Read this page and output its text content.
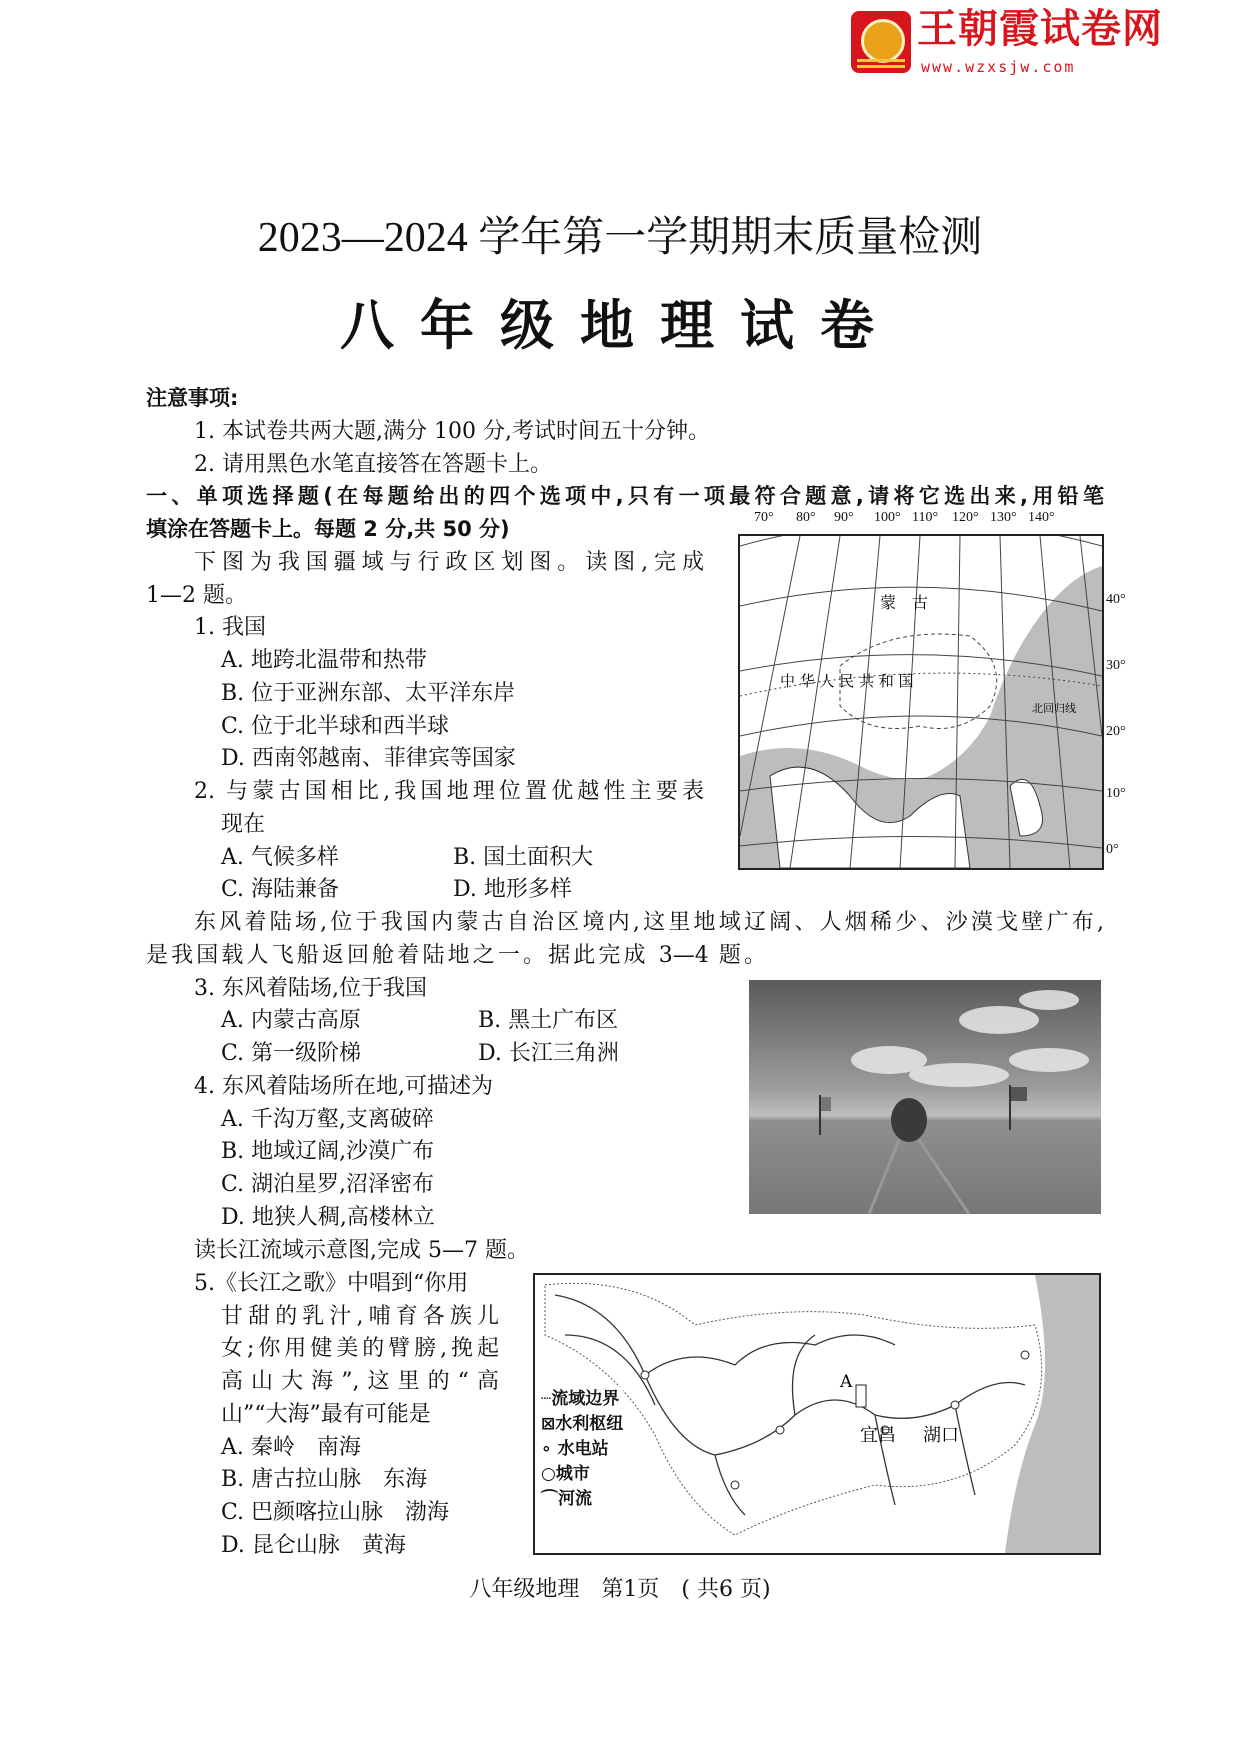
王朝霞试卷网
www.wzxsjw.com
2023—2024 学年第一学期期末质量检测
八年级地理试卷
注意事项:
1. 本试卷共两大题,满分 100 分,考试时间五十分钟。
2. 请用黑色水笔直接答在答题卡上。
一、单项选择题(在每题给出的四个选项中,只有一项最符合题意,请将它选出来,用铅笔
填涂在答题卡上。每题 2 分,共 50 分)
下图为我国疆域与行政区划图。读图,完成
1—2 题。
1. 我国
A. 地跨北温带和热带
B. 位于亚洲东部、太平洋东岸
C. 位于北半球和西半球
D. 西南邻越南、菲律宾等国家
2. 与蒙古国相比,我国地理位置优越性主要表
现在
A. 气候多样	B. 国土面积大
C. 海陆兼备	D. 地形多样
东风着陆场,位于我国内蒙古自治区境内,这里地域辽阔、人烟稀少、沙漠戈壁广布,
是我国载人飞船返回舱着陆地之一。据此完成 3—4 题。
3. 东风着陆场,位于我国
A. 内蒙古高原	B. 黑土广布区
C. 第一级阶梯	D. 长江三角洲
4. 东风着陆场所在地,可描述为
A. 千沟万壑,支离破碎
B. 地域辽阔,沙漠广布
C. 湖泊星罗,沼泽密布
D. 地狭人稠,高楼林立
读长江流域示意图,完成 5—7 题。
5.《长江之歌》中唱到“你用
甘甜的乳汁,哺育各族儿
女;你用健美的臂膀,挽起
高山大海”,这里的“高
山”“大海”最有可能是
A. 秦岭　南海
B. 唐古拉山脉　东海
C. 巴颜喀拉山脉　渤海
D. 昆仑山脉　黄海
70° 80° 90° 100° 110° 120° 130° 140°
40°
30°
20°
10°
0°
蒙　古
中 华 人 民 共 和 国
北回归线
A
宜昌 湖口
┈流域边界
⊠水利枢纽
∘ 水电站
○城市
⌒河流
八年级地理　第1页　( 共6 页)
